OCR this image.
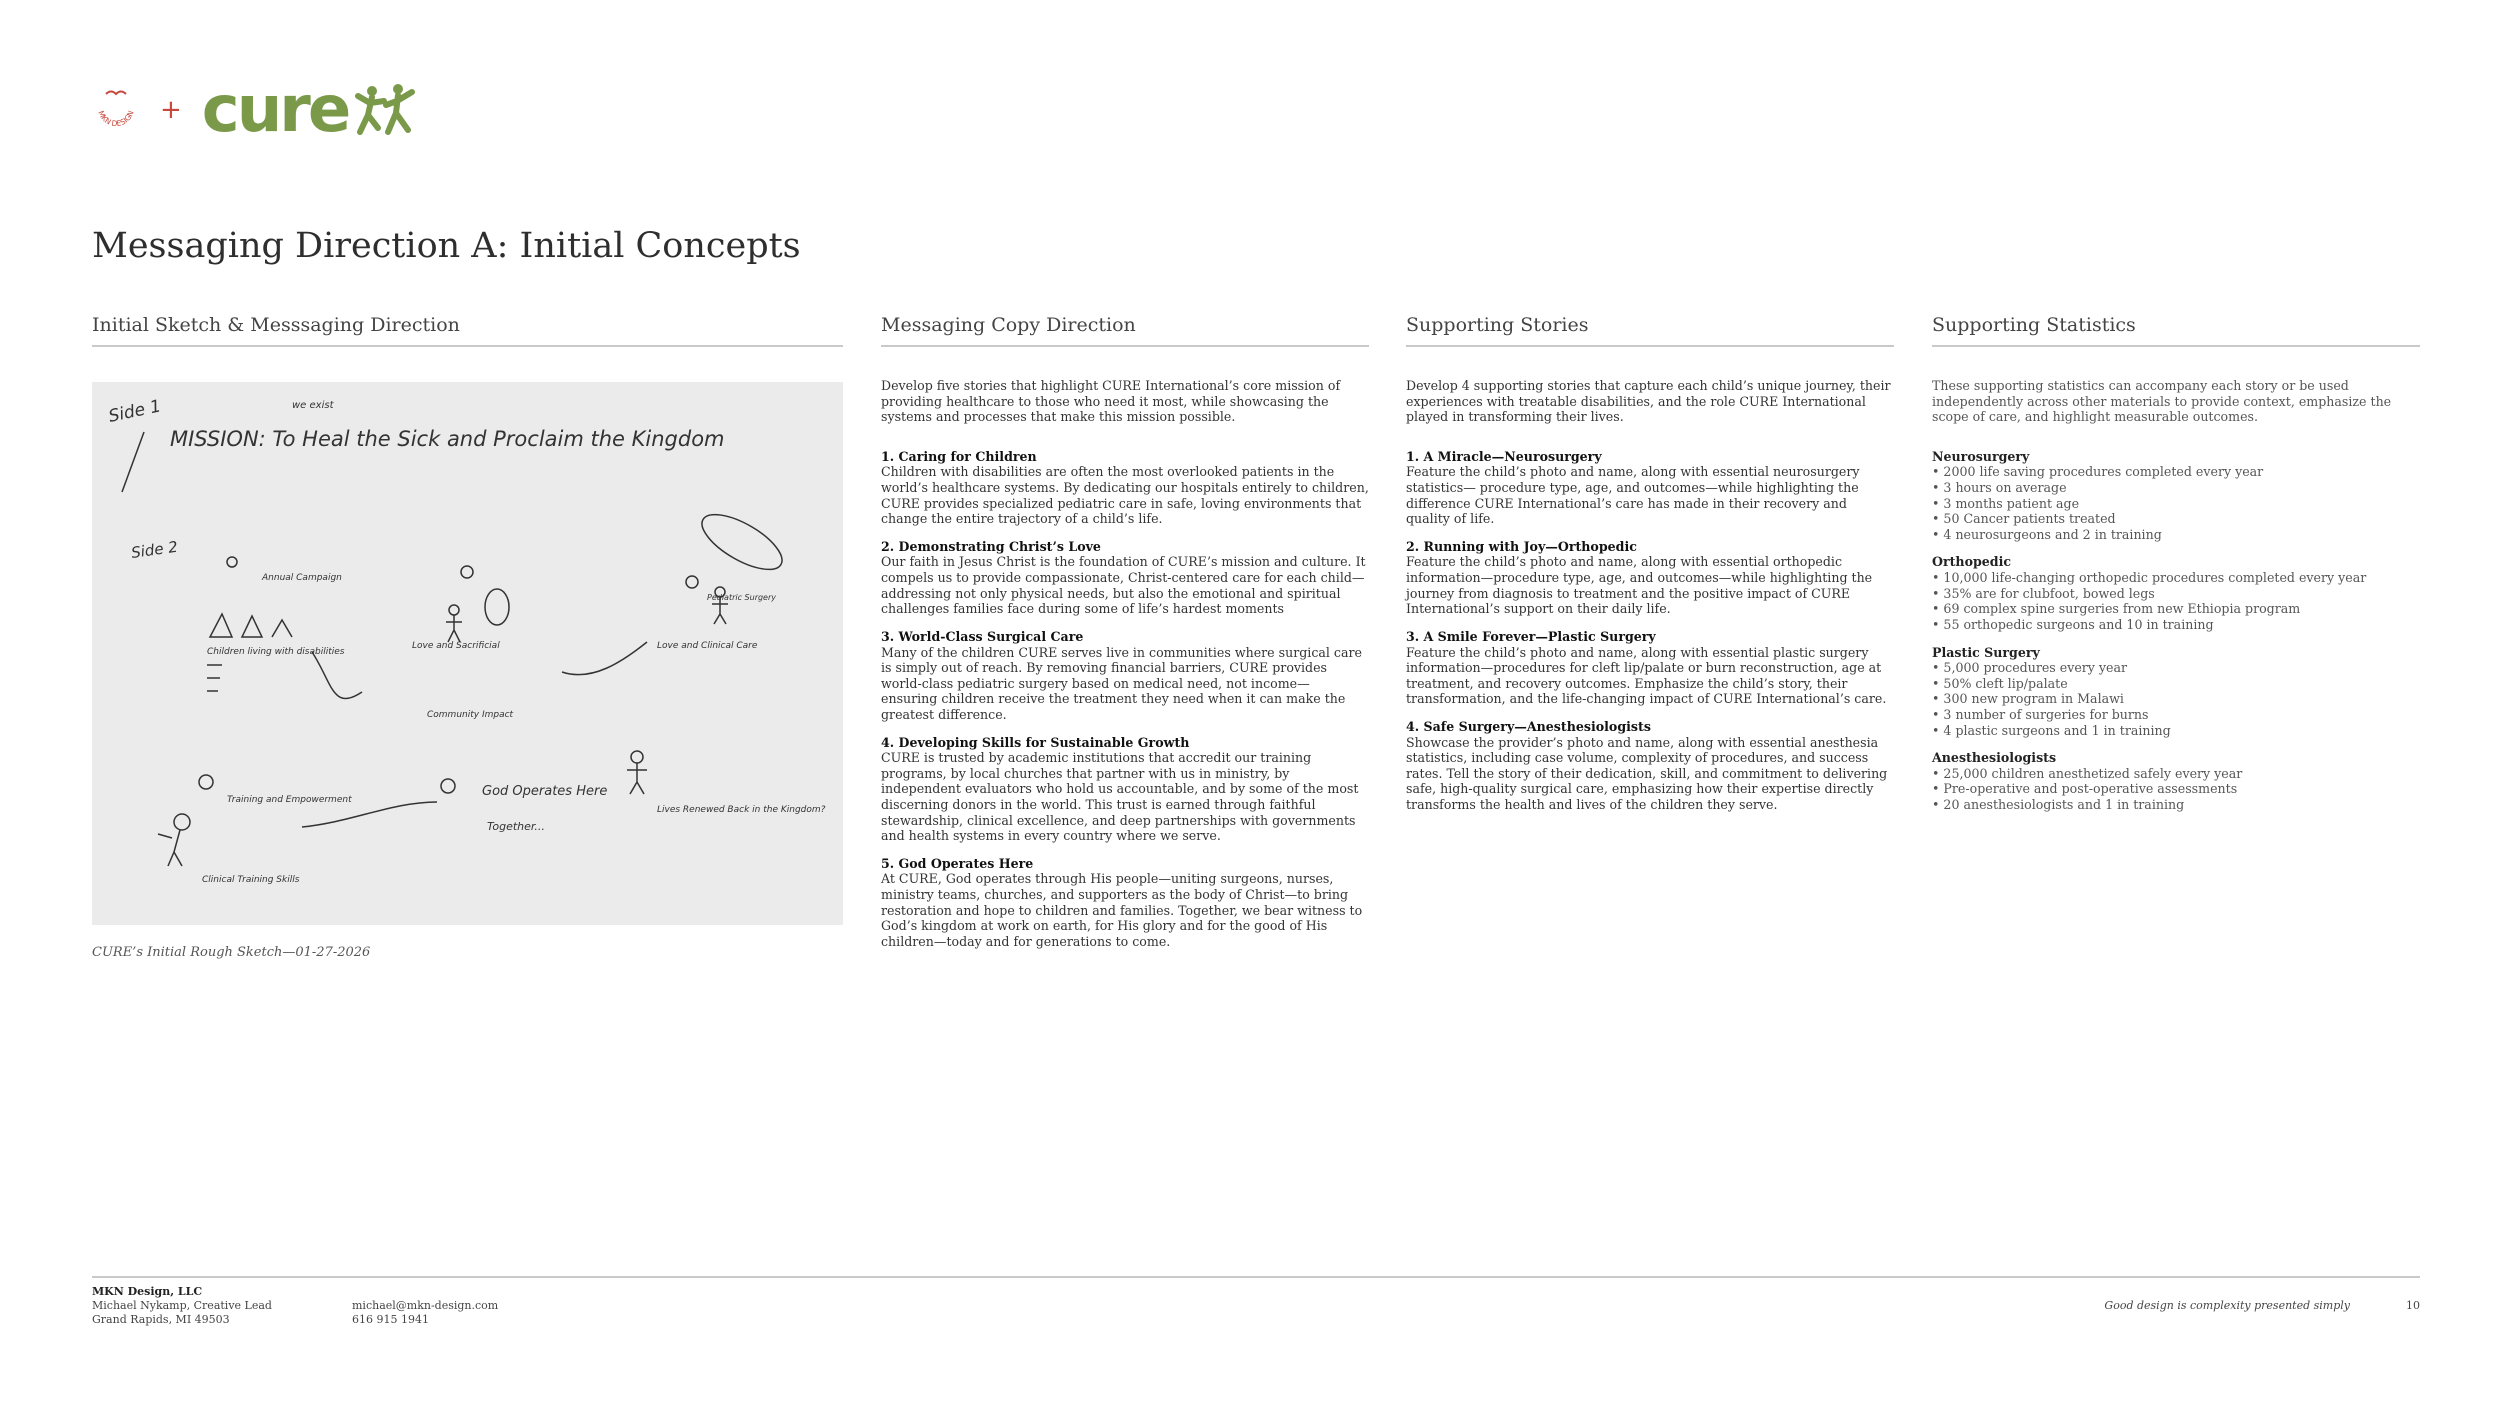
MKN DESIGN + cure
Messaging Direction A: Initial Concepts
Initial Sketch & Messsaging Direction	Messaging Copy Direction	Supporting Stories	Supporting Statistics
Side 1	we exist
MISSION: To Heal the Sick and Proclaim the Kingdom
Side 2
Annual Campaign
Children living with disabilities
Love and Sacrificial	Love and Clinical Care
Pediatric Surgery
Community Impact
Training and Empowerment
God Operates Here
Together...
Lives Renewed Back in the Kingdom?
Clinical Training Skills
CURE’s Initial Rough Sketch—01-27-2026

Develop five stories that highlight CURE International’s core mission of providing healthcare to those who need it most, while showcasing the systems and processes that make this mission possible.

1. Caring for Children
Children with disabilities are often the most overlooked patients in the world’s healthcare systems. By dedicating our hospitals entirely to children, CURE provides specialized pediatric care in safe, loving environments that change the entire trajectory of a child’s life.
2. Demonstrating Christ’s Love
Our faith in Jesus Christ is the foundation of CURE’s mission and culture. It compels us to provide compassionate, Christ-centered care for each child—addressing not only physical needs, but also the emotional and spiritual challenges families face during some of life’s hardest moments
3. World-Class Surgical Care
Many of the children CURE serves live in communities where surgical care is simply out of reach. By removing financial barriers, CURE provides world-class pediatric surgery based on medical need, not income— ensuring children receive the treatment they need when it can make the greatest difference.
4. Developing Skills for Sustainable Growth
CURE is trusted by academic institutions that accredit our training programs, by local churches that partner with us in ministry, by independent evaluators who hold us accountable, and by some of the most discerning donors in the world. This trust is earned through faithful stewardship, clinical excellence, and deep partnerships with governments and health systems in every country where we serve.
5. God Operates Here
At CURE, God operates through His people—uniting surgeons, nurses, ministry teams, churches, and supporters as the body of Christ—to bring restoration and hope to children and families. Together, we bear witness to God’s kingdom at work on earth, for His glory and for the good of His children—today and for generations to come.

Develop 4 supporting stories that capture each child’s unique journey, their experiences with treatable disabilities, and the role CURE International played in transforming their lives.

1. A Miracle—Neurosurgery
Feature the child’s photo and name, along with essential neurosurgery statistics— procedure type, age, and outcomes—while highlighting the difference CURE International’s care has made in their recovery and quality of life.
2. Running with Joy—Orthopedic
Feature the child’s photo and name, along with essential orthopedic information—procedure type, age, and outcomes—while highlighting the journey from diagnosis to treatment and the positive impact of CURE International’s support on their daily life.
3. A Smile Forever—Plastic Surgery
Feature the child’s photo and name, along with essential plastic surgery information—procedures for cleft lip/palate or burn reconstruction, age at treatment, and recovery outcomes. Emphasize the child’s story, their transformation, and the life-changing impact of CURE International’s care.
4. Safe Surgery—Anesthesiologists
Showcase the provider’s photo and name, along with essential anesthesia statistics, including case volume, complexity of procedures, and success rates. Tell the story of their dedication, skill, and commitment to delivering safe, high-quality surgical care, emphasizing how their expertise directly transforms the health and lives of the children they serve.

These supporting statistics can accompany each story or be used independently across other materials to provide context, emphasize the scope of care, and highlight measurable outcomes.

Neurosurgery
• 2000 life saving procedures completed every year
• 3 hours on average
• 3 months patient age
• 50 Cancer patients treated
• 4 neurosurgeons and 2 in training
Orthopedic
• 10,000 life-changing orthopedic procedures completed every year
• 35% are for clubfoot, bowed legs
• 69 complex spine surgeries from new Ethiopia program
• 55 orthopedic surgeons and 10 in training
Plastic Surgery
• 5,000 procedures every year
• 50% cleft lip/palate
• 300 new program in Malawi
• 3 number of surgeries for burns
• 4 plastic surgeons and 1 in training
Anesthesiologists
• 25,000 children anesthetized safely every year
• Pre-operative and post-operative assessments
• 20 anesthesiologists and 1 in training
MKN Design, LLC
Michael Nykamp, Creative Lead
Grand Rapids, MI 49503
michael@mkn-design.com
616 915 1941
Good design is complexity presented simply	10
